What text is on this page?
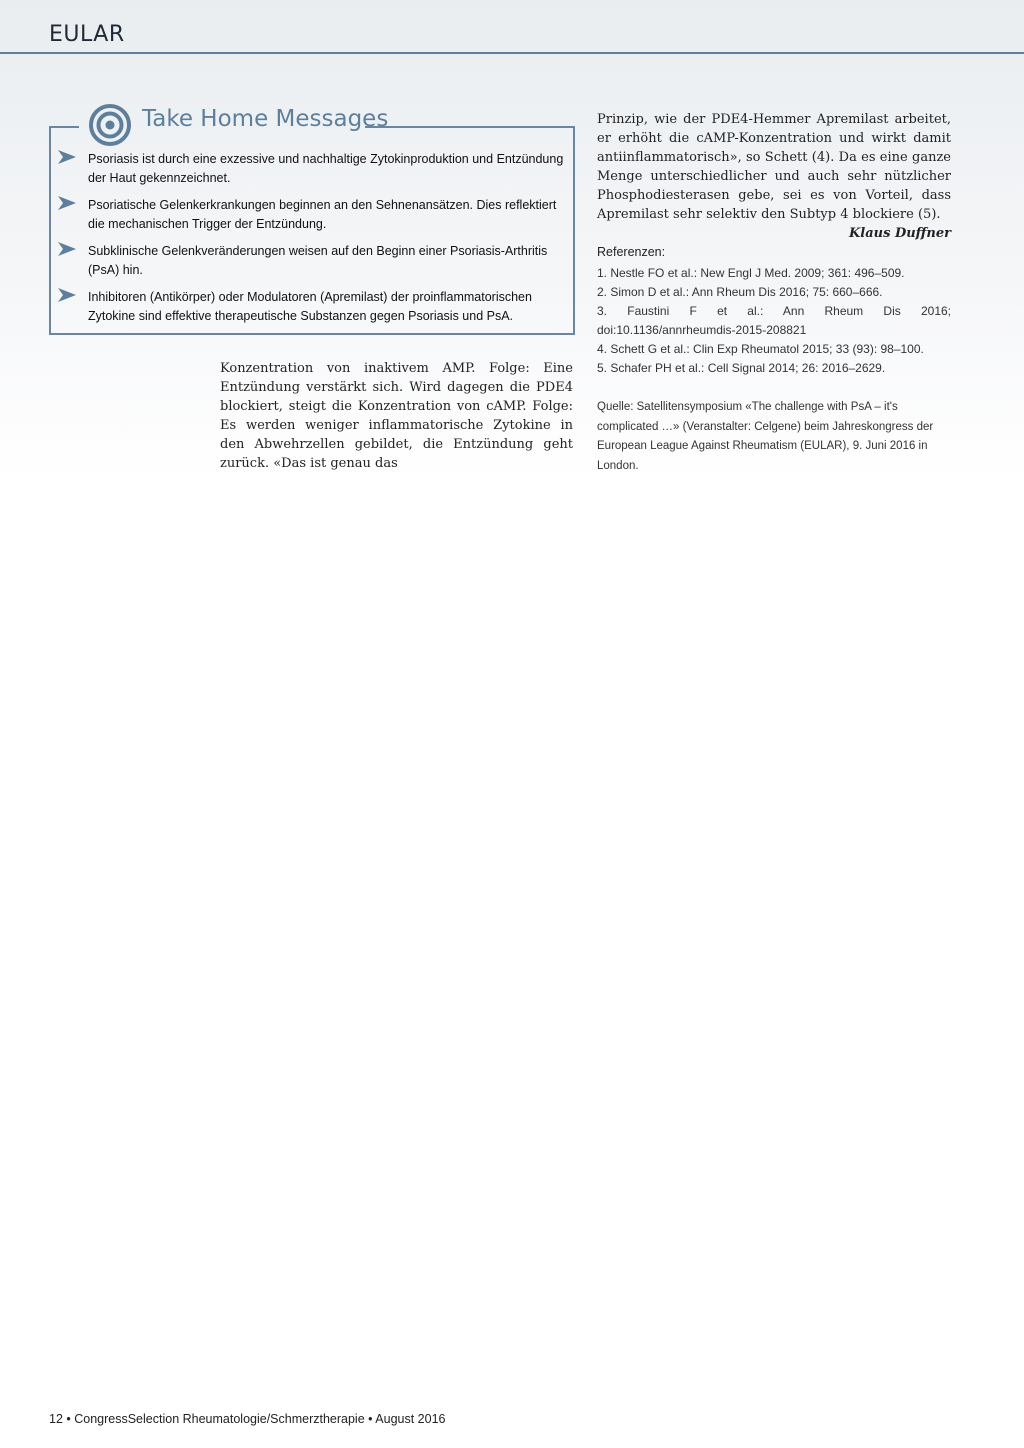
EULAR
Take Home Messages
Psoriasis ist durch eine exzessive und nachhaltige Zytokinproduktion und Entzündung der Haut gekennzeichnet.
Psoriatische Gelenkerkrankungen beginnen an den Sehnenansätzen. Dies reflektiert die mechanischen Trigger der Entzündung.
Subklinische Gelenkveränderungen weisen auf den Beginn einer Psoriasis-Arthritis (PsA) hin.
Inhibitoren (Antikörper) oder Modulatoren (Apremilast) der proinflammatorischen Zytokine sind effektive therapeutische Substanzen gegen Psoriasis und PsA.
Konzentration von inaktivem AMP. Folge: Eine Entzündung verstärkt sich. Wird dagegen die PDE4 blockiert, steigt die Konzentration von cAMP. Folge: Es werden weniger inflammatorische Zytokine in den Abwehrzellen gebildet, die Entzündung geht zurück. «Das ist genau das
Prinzip, wie der PDE4-Hemmer Apremilast arbeitet, er erhöht die cAMP-Konzentration und wirkt damit antiinflammatorisch», so Schett (4). Da es eine ganze Menge unterschiedlicher und auch sehr nützlicher Phosphodiesterasen gebe, sei es von Vorteil, dass Apremilast sehr selektiv den Subtyp 4 blockiere (5).
Klaus Duffner
Referenzen:
1. Nestle FO et al.: New Engl J Med. 2009; 361: 496–509.
2. Simon D et al.: Ann Rheum Dis 2016; 75: 660–666.
3. Faustini F et al.: Ann Rheum Dis 2016; doi:10.1136/annrheumdis-2015-208821
4. Schett G et al.: Clin Exp Rheumatol 2015; 33 (93): 98–100.
5. Schafer PH et al.: Cell Signal 2014; 26: 2016–2629.
Quelle: Satellitensymposium «The challenge with PsA – it's complicated …» (Veranstalter: Celgene) beim Jahreskongress der European League Against Rheumatism (EULAR), 9. Juni 2016 in London.
12 • CongressSelection Rheumatologie/Schmerztherapie • August 2016
